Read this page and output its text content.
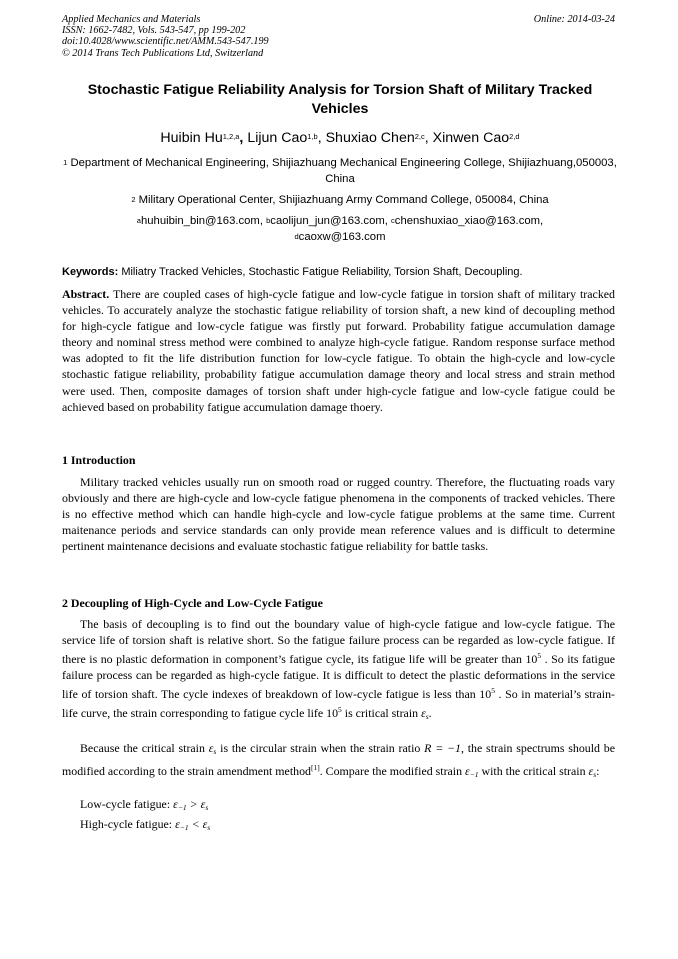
Applied Mechanics and Materials
ISSN: 1662-7482, Vols. 543-547, pp 199-202
doi:10.4028/www.scientific.net/AMM.543-547.199
© 2014 Trans Tech Publications Ltd, Switzerland
Online: 2014-03-24
Stochastic Fatigue Reliability Analysis for Torsion Shaft of Military Tracked Vehicles
Huibin Hu$^{1,2,a}$, Lijun Cao$^{1,b}$, Shuxiao Chen$^{2,c}$, Xinwen Cao$^{2,d}$
$^1$ Department of Mechanical Engineering, Shijiazhuang Mechanical Engineering College, Shijiazhuang,050003, China
$^2$ Military Operational Center, Shijiazhuang Army Command College, 050084, China
$^a$huhuibin_bin@163.com, $^b$caolijun_jun@163.com, $^c$chenshuxiao_xiao@163.com,
$^d$caoxw@163.com
Keywords: Miliatry Tracked Vehicles, Stochastic Fatigue Reliability, Torsion Shaft, Decoupling.
Abstract. There are coupled cases of high-cycle fatigue and low-cycle fatigue in torsion shaft of military tracked vehicles. To accurately analyze the stochastic fatigue reliability of torsion shaft, a new kind of decoupling method for high-cycle fatigue and low-cycle fatigue was firstly put forward. Probability fatigue accumulation damage theory and nominal stress method were combined to analyze high-cycle fatigue. Random response surface method was adopted to fit the life distribution function for low-cycle fatigue. To obtain the high-cycle and low-cycle stochastic fatigue reliability, probability fatigue accumulation damage theory and local stress and strain method were used. Then, composite damages of torsion shaft under high-cycle fatigue and low-cycle fatigue could be achieved based on probability fatigue accumulation damage thoery.
1 Introduction
Military tracked vehicles usually run on smooth road or rugged country. Therefore, the fluctuating roads vary obviously and there are high-cycle and low-cycle fatigue phenomena in the components of tracked vehicles. There is no effective method which can handle high-cycle and low-cycle fatigue problems at the same time. Current maitenance periods and service standards can only provide mean reference values and is difficult to determine pertinent maintenance decisions and evaluate stochastic fatigue reliability for battle tasks.
2 Decoupling of High-Cycle and Low-Cycle Fatigue
The basis of decoupling is to find out the boundary value of high-cycle fatigue and low-cycle fatigue. The service life of torsion shaft is relative short. So the fatigue failure process can be regarded as low-cycle fatigue. If there is no plastic deformation in component’s fatigue cycle, its fatigue life will be greater than $10^5$ . So its fatigue failure process can be regarded as high-cycle fatigue. It is difficult to detect the plastic deformations in the service life of torsion shaft. The cycle indexes of breakdown of low-cycle fatigue is less than $10^5$ . So in material’s strain-life curve, the strain corresponding to fatigue cycle life $10^5$ is critical strain $\varepsilon_s$.
Because the critical strain $\varepsilon_s$ is the circular strain when the strain ratio R = −1, the strain spectrums should be modified according to the strain amendment method[1]. Compare the modified strain $\varepsilon_{-1}$ with the critical strain $\varepsilon_s$:
Low-cycle fatigue: $\varepsilon_{-1} > \varepsilon_s$
High-cycle fatigue: $\varepsilon_{-1} < \varepsilon_s$
